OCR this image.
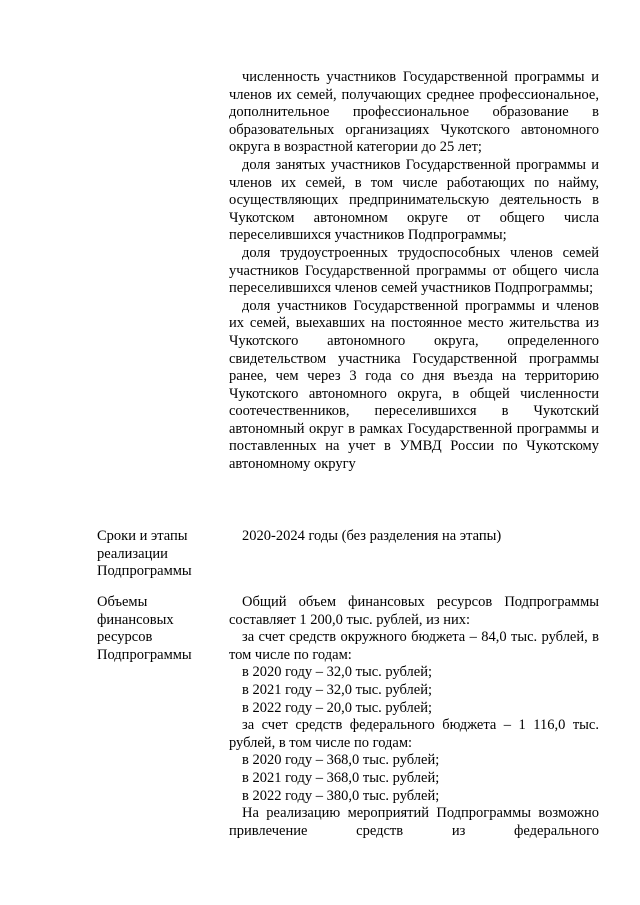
численность участников Государственной программы и членов их семей, получающих среднее профессиональное, дополнительное профессиональное образование в образовательных организациях Чукотского автономного округа в возрастной категории до 25 лет;

доля занятых участников Государственной программы и членов их семей, в том числе работающих по найму, осуществляющих предпринимательскую деятельность в Чукотском автономном округе от общего числа переселившихся участников Подпрограммы;

доля трудоустроенных трудоспособных членов семей участников Государственной программы от общего числа переселившихся членов семей участников Подпрограммы;

доля участников Государственной программы и членов их семей, выехавших на постоянное место жительства из Чукотского автономного округа, определенного свидетельством участника Государственной программы ранее, чем через 3 года со дня въезда на территорию Чукотского автономного округа, в общей численности соотечественников, переселившихся в Чукотский автономный округ в рамках Государственной программы и поставленных на учет в УМВД России по Чукотскому автономному округу

Сроки и этапы
реализации
Подпрограммы

2020-2024 годы (без разделения на этапы)

Объемы
финансовых
ресурсов
Подпрограммы

Общий объем финансовых ресурсов Подпрограммы составляет 1 200,0 тыс. рублей, из них:

за счет средств окружного бюджета – 84,0 тыс. рублей, в том числе по годам:

в 2020 году – 32,0 тыс. рублей;

в 2021 году – 32,0 тыс. рублей;

в 2022 году – 20,0 тыс. рублей;

за счет средств федерального бюджета – 1 116,0 тыс. рублей, в том числе по годам:

в 2020 году – 368,0 тыс. рублей;

в 2021 году – 368,0 тыс. рублей;

в 2022 году – 380,0 тыс. рублей;

На реализацию мероприятий Подпрограммы возможно привлечение средств из федерального
